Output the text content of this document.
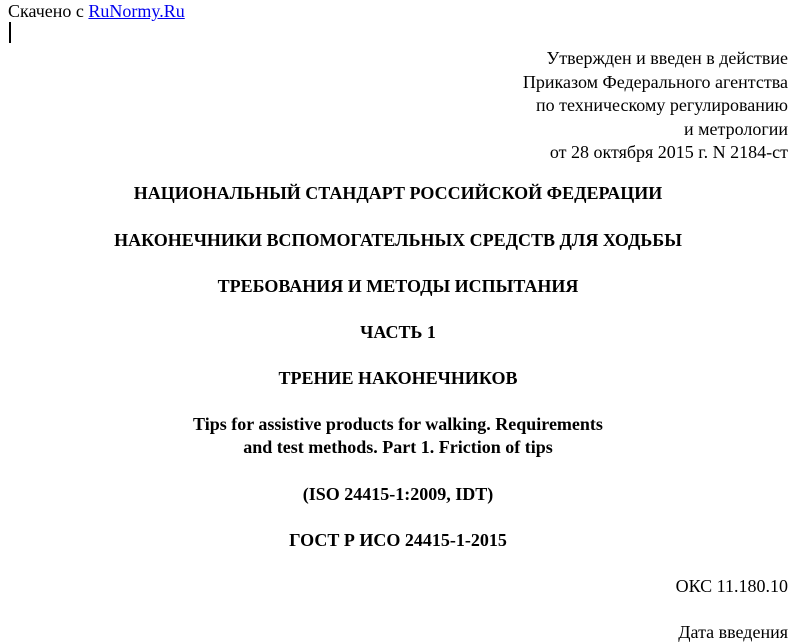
Скачено с RuNormy.Ru
Утвержден и введен в действие
Приказом Федерального агентства
по техническому регулированию
и метрологии
от 28 октября 2015 г. N 2184-ст
НАЦИОНАЛЬНЫЙ СТАНДАРТ РОССИЙСКОЙ ФЕДЕРАЦИИ
НАКОНЕЧНИКИ ВСПОМОГАТЕЛЬНЫХ СРЕДСТВ ДЛЯ ХОДЬБЫ
ТРЕБОВАНИЯ И МЕТОДЫ ИСПЫТАНИЯ
ЧАСТЬ 1
ТРЕНИЕ НАКОНЕЧНИКОВ
Tips for assistive products for walking. Requirements
and test methods. Part 1. Friction of tips
(ISO 24415-1:2009, IDT)
ГОСТ Р ИСО 24415-1-2015
ОКС 11.180.10
Дата введения
